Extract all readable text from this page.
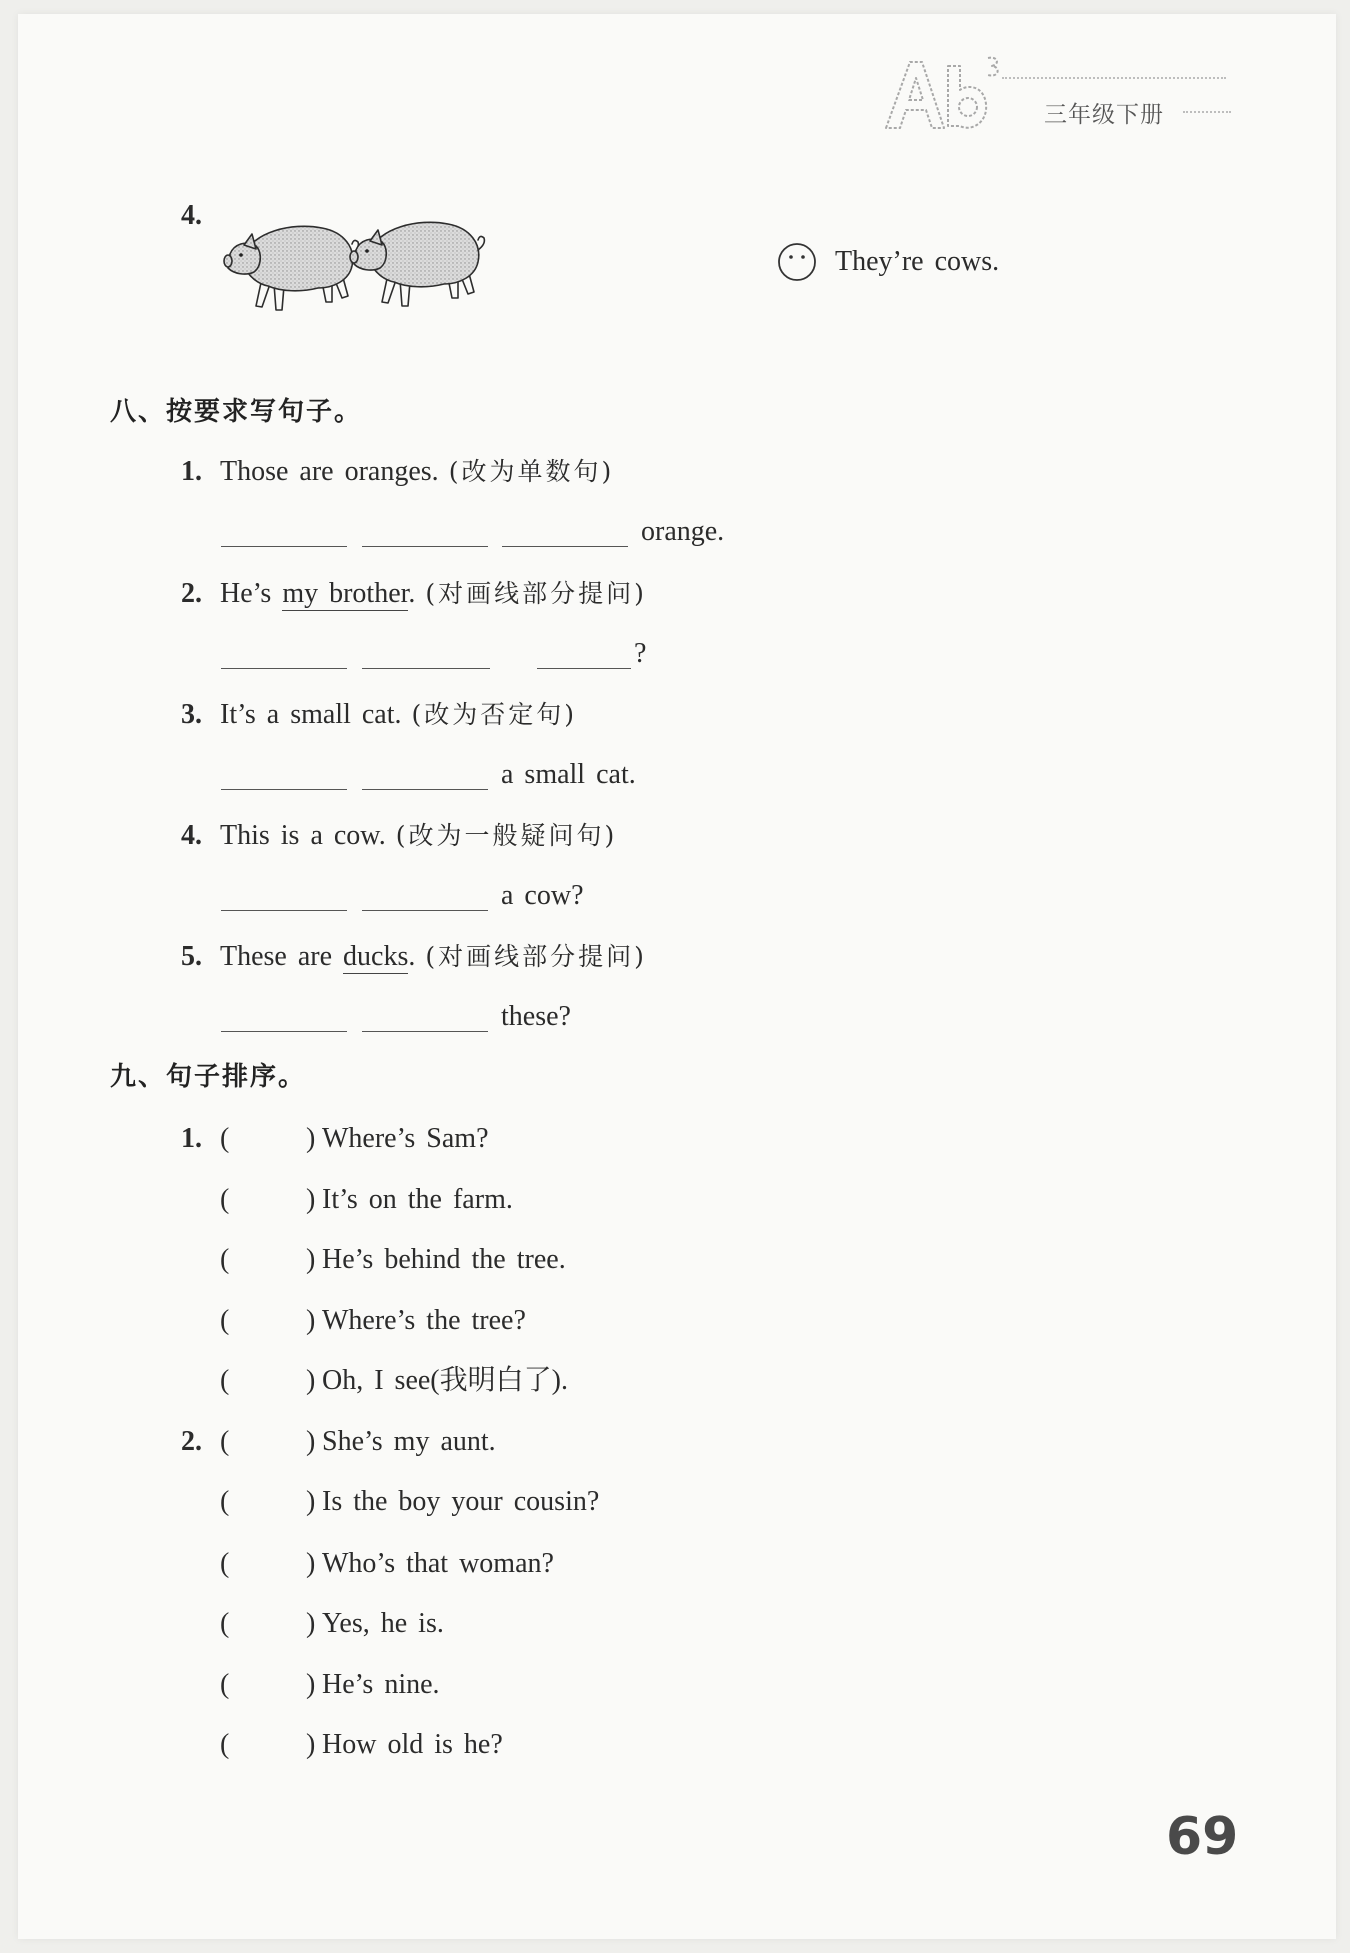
三年级下册
4.
They’re cows.
八、按要求写句子。
1. Those are oranges. (改为单数句)
orange.
2. He’s my brother. (对画线部分提问)
?
3. It’s a small cat. (改为否定句)
a small cat.
4. This is a cow. (改为一般疑问句)
a cow?
5. These are ducks. (对画线部分提问)
these?
九、句子排序。
1. (	) Where’s Sam?
(	) It’s on the farm.
(	) He’s behind the tree.
(	) Where’s the tree?
(	) Oh, I see(我明白了).
2. (	) She’s my aunt.
(	) Is the boy your cousin?
(	) Who’s that woman?
(	) Yes, he is.
(	) He’s nine.
(	) How old is he?
69
